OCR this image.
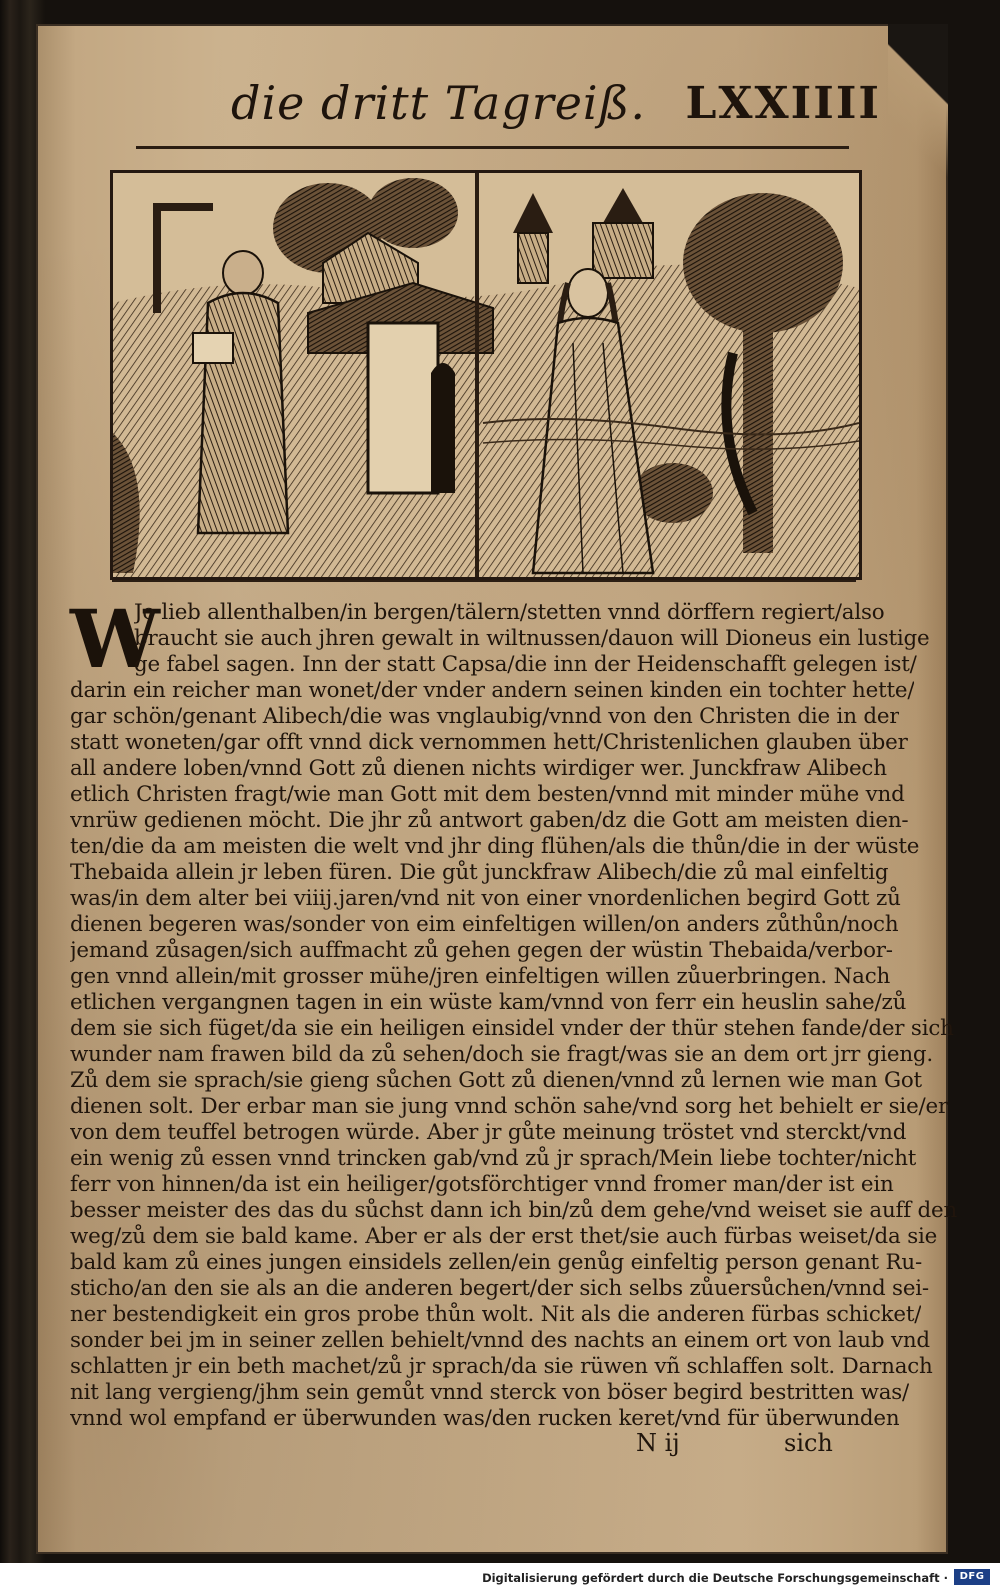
die dritt Tagreiß. LXXIIII
W
Je lieb allenthalben/in bergen/tälern/stetten vnnd dörffern regiert/also
braucht sie auch jhren gewalt in wiltnussen/dauon will Dioneus ein lustige
ge fabel sagen. Inn der statt Capsa/die inn der Heidenschafft gelegen ist/
darin ein reicher man wonet/der vnder andern seinen kinden ein tochter hette/
gar schön/genant Alibech/die was vnglaubig/vnnd von den Christen die in der
statt woneten/gar offt vnnd dick vernommen hett/Christenlichen glauben über
all andere loben/vnnd Gott zů dienen nichts wirdiger wer. Junckfraw Alibech
etlich Christen fragt/wie man Gott mit dem besten/vnnd mit minder mühe vnd
vnrüw gedienen möcht. Die jhr zů antwort gaben/dz die Gott am meisten dien-
ten/die da am meisten die welt vnd jhr ding flühen/als die thůn/die in der wüste
Thebaida allein jr leben füren. Die gůt junckfraw Alibech/die zů mal einfeltig
was/in dem alter bei viiij.jaren/vnd nit von einer vnordenlichen begird Gott zů
dienen begeren was/sonder von eim einfeltigen willen/on anders zůthůn/noch
jemand zůsagen/sich auffmacht zů gehen gegen der wüstin Thebaida/verbor-
gen vnnd allein/mit grosser mühe/jren einfeltigen willen zůuerbringen. Nach
etlichen vergangnen tagen in ein wüste kam/vnnd von ferr ein heuslin sahe/zů
dem sie sich füget/da sie ein heiligen einsidel vnder der thür stehen fande/der sich
wunder nam frawen bild da zů sehen/doch sie fragt/was sie an dem ort jrr gieng.
Zů dem sie sprach/sie gieng sůchen Gott zů dienen/vnnd zů lernen wie man Got
dienen solt. Der erbar man sie jung vnnd schön sahe/vnd sorg het behielt er sie/er
von dem teuffel betrogen würde. Aber jr gůte meinung tröstet vnd sterckt/vnd
ein wenig zů essen vnnd trincken gab/vnd zů jr sprach/Mein liebe tochter/nicht
ferr von hinnen/da ist ein heiliger/gotsförchtiger vnnd fromer man/der ist ein
besser meister des das du sůchst dann ich bin/zů dem gehe/vnd weiset sie auff den
weg/zů dem sie bald kame. Aber er als der erst thet/sie auch fürbas weiset/da sie
bald kam zů eines jungen einsidels zellen/ein genůg einfeltig person genant Ru-
sticho/an den sie als an die anderen begert/der sich selbs zůuersůchen/vnnd sei-
ner bestendigkeit ein gros probe thůn wolt. Nit als die anderen fürbas schicket/
sonder bei jm in seiner zellen behielt/vnnd des nachts an einem ort von laub vnd
schlatten jr ein beth machet/zů jr sprach/da sie rüwen vñ schlaffen solt. Darnach
nit lang vergieng/jhm sein gemůt vnnd sterck von böser begird bestritten was/
vnnd wol empfand er überwunden was/den rucken keret/vnd für überwunden
N ij	sich
Digitalisierung gefördert durch die Deutsche Forschungsgemeinschaft ·	DFG
